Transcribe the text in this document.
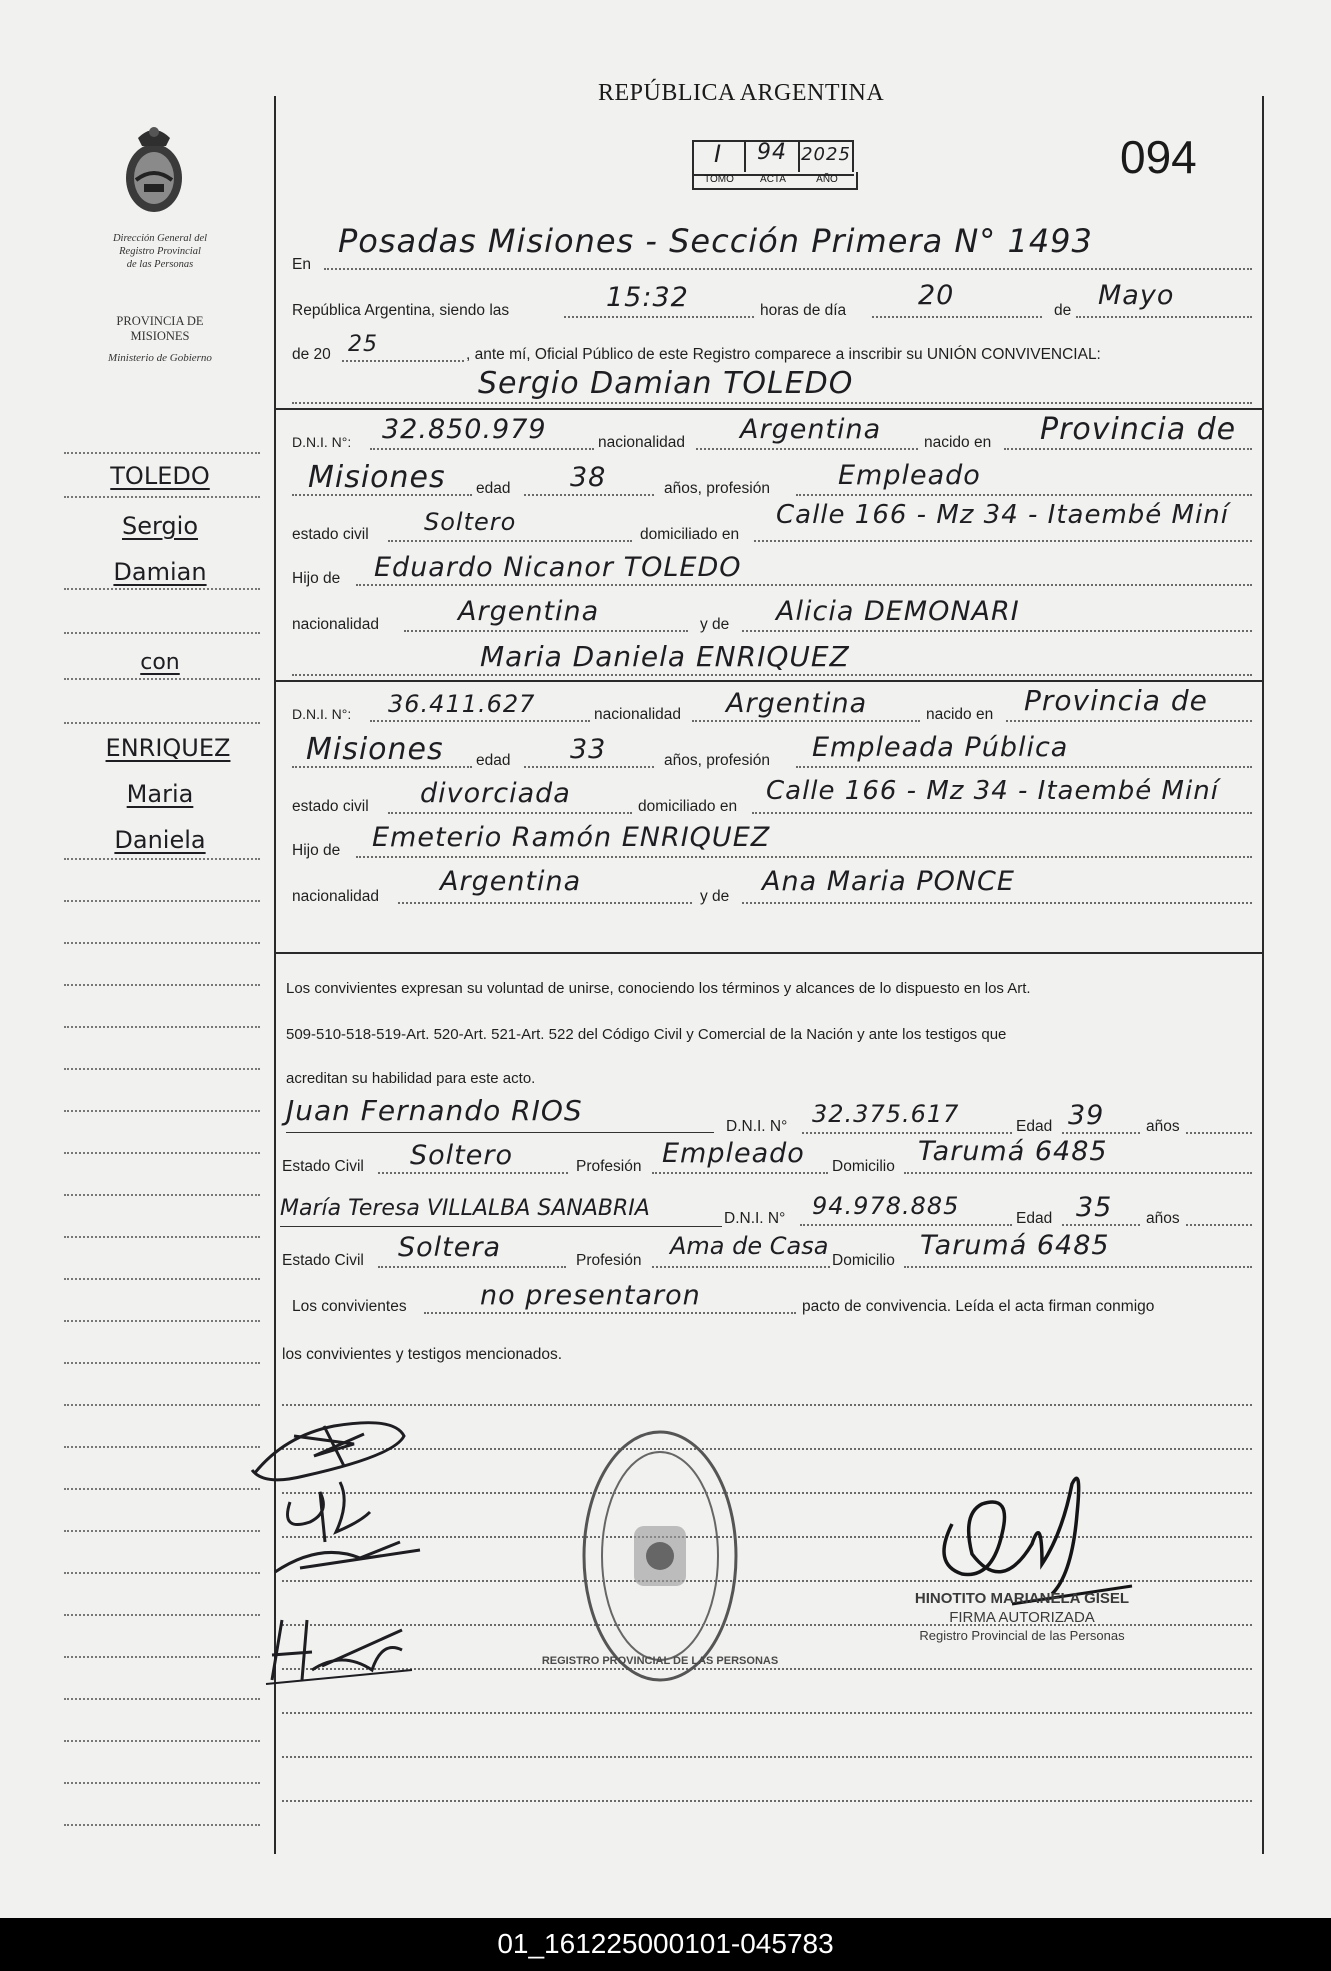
REPÚBLICA ARGENTINA
094
I	94 2025
TOMO	ACTA	AÑO
Dirección General del
Registro Provincial
de las Personas
PROVINCIA DE
MISIONES
Ministerio de Gobierno
TOLEDO
Sergio
Damian
con
ENRIQUEZ
Maria
Daniela
En
Posadas Misiones - Sección Primera N° 1493
República Argentina, siendo las	15:32	horas de día	20	de Mayo
de 20 25	, ante mí, Oficial Público de este Registro comparece a inscribir su UNIÓN CONVIVENCIAL:
Sergio Damian TOLEDO
D.N.I. N°: 32.850.979	nacionalidad Argentina	nacido en Provincia de
Misiones edad 38	años, profesión	Empleado
estado civil Soltero	domiciliado en
Calle 166 - Mz 34 - Itaembé Miní
Hijo de Eduardo Nicanor TOLEDO
nacionalidad	Argentina	y de Alicia DEMONARI
Maria Daniela ENRIQUEZ
D.N.I. N°: 36.411.627	nacionalidad Argentina	nacido en Provincia de
Misiones edad 33	años, profesión Empleada Pública
estado civil divorciada	domiciliado en
Calle 166 - Mz 34 - Itaembé Miní
Hijo de Emeterio Ramón ENRIQUEZ
nacionalidad Argentina	y de Ana Maria PONCE
Los convivientes expresan su voluntad de unirse, conociendo los términos y alcances de lo dispuesto en los Art.
509-510-518-519-Art. 520-Art. 521-Art. 522 del Código Civil y Comercial de la Nación y ante los testigos que
acreditan su habilidad para este acto.
Juan Fernando RIOS	D.N.I. N° 32.375.617	Edad 39	años
Estado Civil Soltero	Profesión Empleado Domicilio Tarumá 6485
María Teresa VILLALBA SANABRIA	D.N.I. N° 94.978.885	Edad 35 años
Estado Civil Soltera	Profesión
Ama de Casa
Domicilio Tarumá 6485
Los convivientes	no presentaron	pacto de convivencia. Leída el acta firman conmigo
los convivientes y testigos mencionados.
REGISTRO PROVINCIAL DE LAS PERSONAS
HINOTITO MARIANELA GISEL
FIRMA AUTORIZADA
Registro Provincial de las Personas
01_161225000101-045783
